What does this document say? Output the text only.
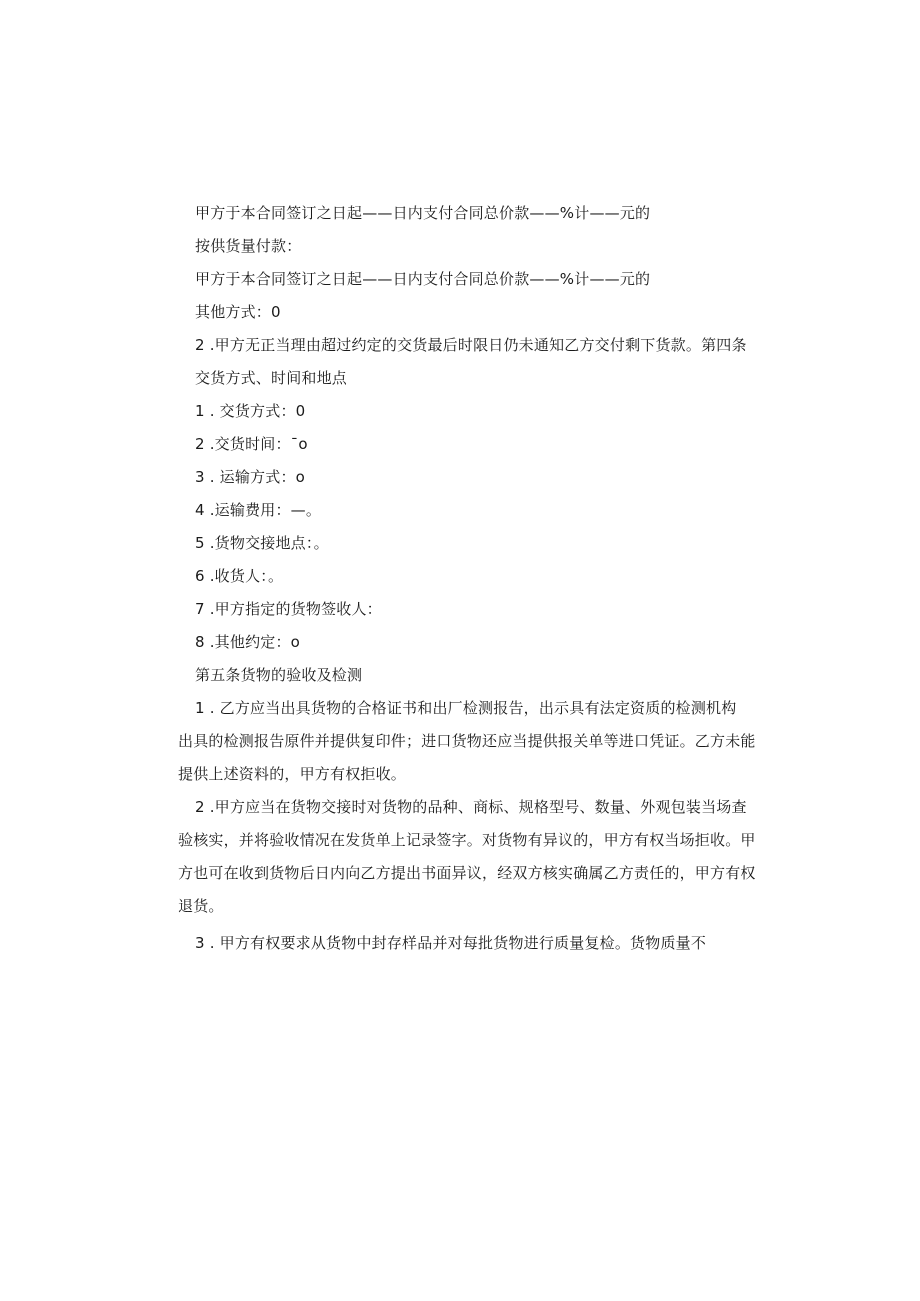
甲方于本合同签订之日起——日内支付合同总价款——%计——元的
按供货量付款：
甲方于本合同签订之日起——日内支付合同总价款——%计——元的
其他方式：0
2 .甲方无正当理由超过约定的交货最后时限日仍未通知乙方交付剩下货款。第四条
交货方式、时间和地点
1 . 交货方式：0
2 .交货时间：¯o
3 . 运输方式：o
4 .运输费用：—。
5 .货物交接地点：。
6 .收货人：。
7 .甲方指定的货物签收人：
8 .其他约定：o
第五条货物的验收及检测
1 . 乙方应当出具货物的合格证书和出厂检测报告，出示具有法定资质的检测机构
出具的检测报告原件并提供复印件；进口货物还应当提供报关单等进口凭证。乙方未能
提供上述资料的，甲方有权拒收。
2 .甲方应当在货物交接时对货物的品种、商标、规格型号、数量、外观包装当场查
验核实，并将验收情况在发货单上记录签字。对货物有异议的，甲方有权当场拒收。甲
方也可在收到货物后日内向乙方提出书面异议，经双方核实确属乙方责任的，甲方有权
退货。
3 . 甲方有权要求从货物中封存样品并对每批货物进行质量复检。货物质量不
